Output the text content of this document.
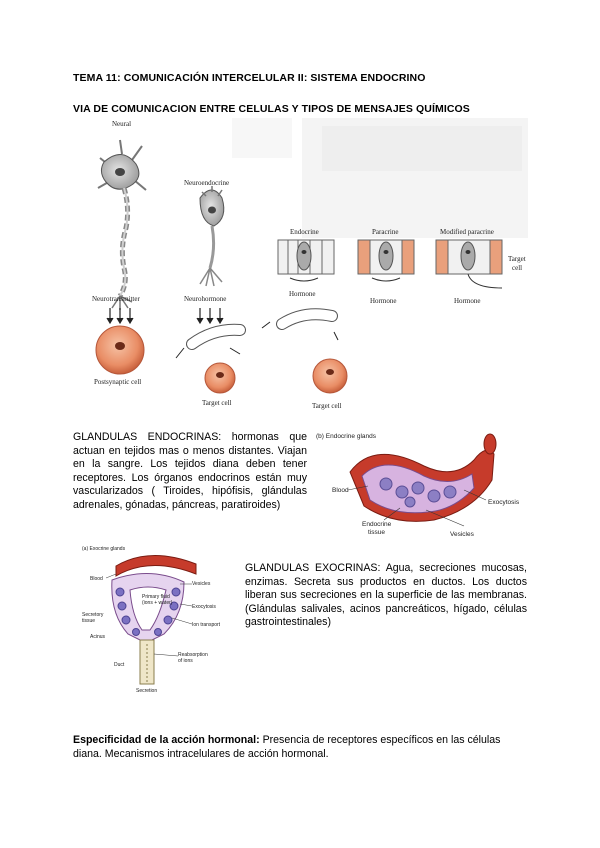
TEMA 11: COMUNICACIÓN INTERCELULAR II: SISTEMA ENDOCRINO
VIA DE COMUNICACION ENTRE CELULAS Y TIPOS DE MENSAJES QUÍMICOS
Neural
Neuroendocrine
Endocrine
Hormone
Paracrine
Hormone
Modified paracrine
Target
cell
Hormone
Neurotransmitter	Neurohormone
Postsynaptic cell
Target cell	Target cell
GLANDULAS ENDOCRINAS: hormonas que actuan en tejidos mas o menos distantes. Viajan en la sangre. Los tejidos diana deben tener receptores. Los órganos endocrinos están muy vascularizados ( Tiroides, hipófisis, glándulas adrenales, gónadas, páncreas, paratiroides)
(b) Endocrine glands
Blood
Exocytosis
Vesicles
Endocrine
tissue
(a) Exocrine glands
Blood
Vesicles
Primary fluid
(ions + water)
Exocytosis
Secretory
tissue
Ion transport
Acinus
Reabsorption
of ions
Duct
Secretion
GLANDULAS EXOCRINAS: Agua, secreciones mucosas, enzimas. Secreta sus productos en ductos. Los ductos liberan sus secreciones en la superficie de las membranas. (Glándulas salivales, acinos pancreáticos, hígado, células gastrointestinales)
Especificidad de la acción hormonal: Presencia de receptores específicos en las células diana. Mecanismos intracelulares de acción hormonal.
